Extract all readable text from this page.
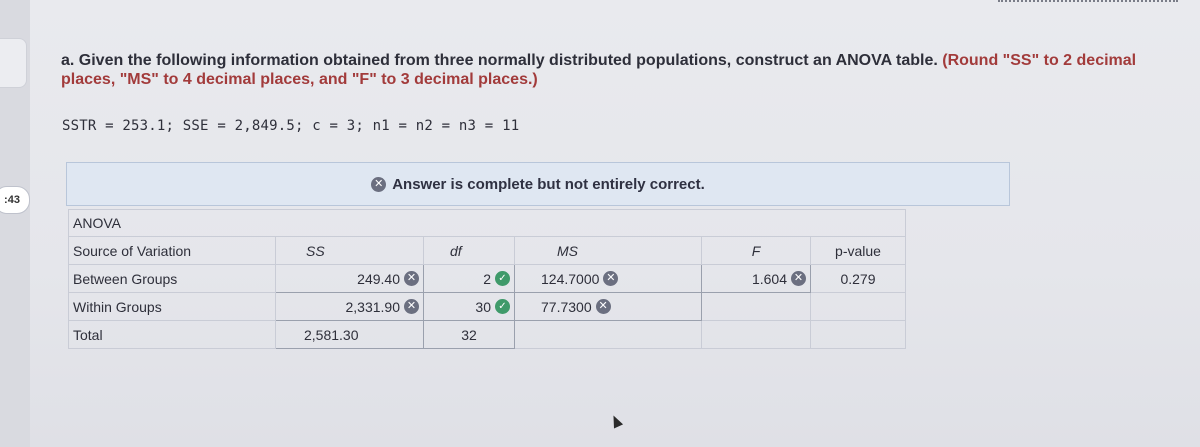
:43
a. Given the following information obtained from three normally distributed populations, construct an ANOVA table. (Round "SS" to 2 decimal places, "MS" to 4 decimal places, and "F" to 3 decimal places.)
SSTR = 253.1; SSE = 2,849.5; c = 3; n1 = n2 = n3 = 11
✕ Answer is complete but not entirely correct.
ANOVA					
Source of Variation	SS	df	MS	F	p-value
Between Groups	249.40 ✕	2 ✓	124.7000 ✕	1.604 ✕	0.279
Within Groups	2,331.90 ✕	30 ✓	77.7300 ✕		

Total	2,581.30	32			
